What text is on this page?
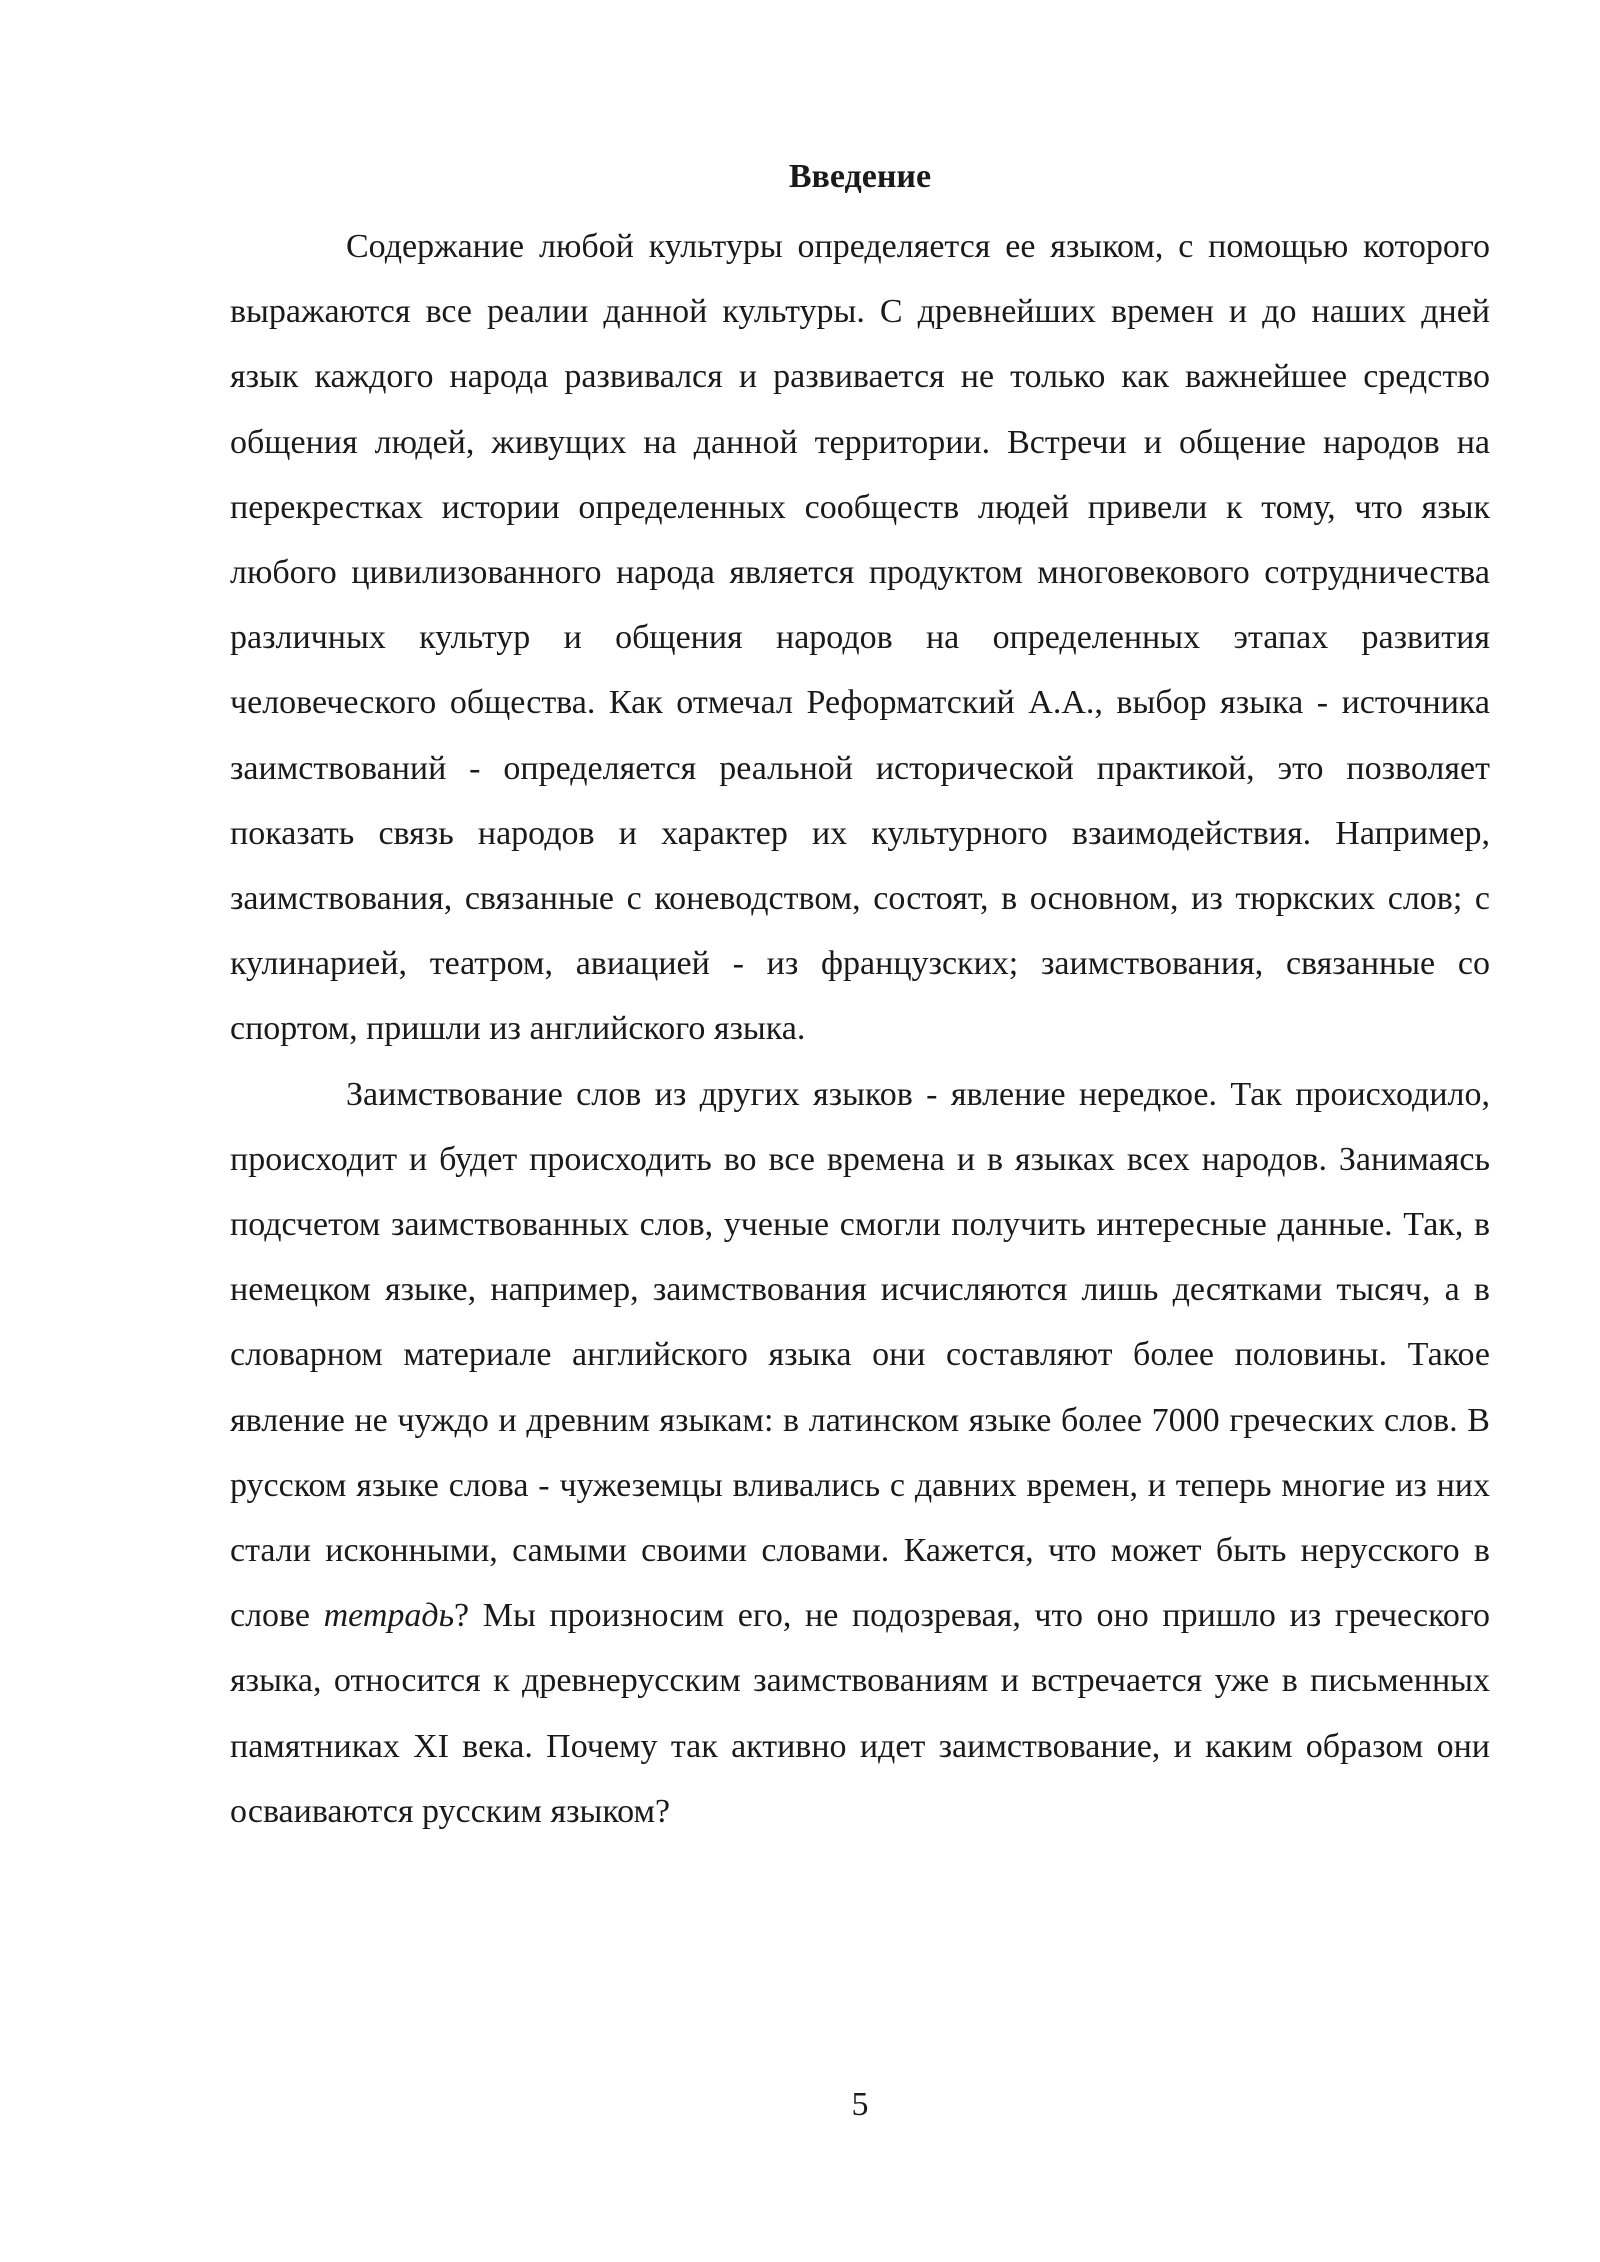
Введение

Содержание любой культуры определяется ее языком, с помощью которого выражаются все реалии данной культуры. С древнейших времен и до наших дней язык каждого народа развивался и развивается не только как важнейшее средство общения людей, живущих на данной территории. Встречи и общение народов на перекрестках истории определенных сообществ людей привели к тому, что язык любого цивилизованного народа является продуктом многовекового сотрудничества различных культур и общения народов на определенных этапах развития человеческого общества. Как отмечал Реформатский А.А., выбор языка - источника заимствований - определяется реальной исторической практикой, это позволяет показать связь народов и характер их культурного взаимодействия. Например, заимствования, связанные с коневодством, состоят, в основном, из тюркских слов; с кулинарией, театром, авиацией - из французских; заимствования, связанные со спортом, пришли из английского языка.

Заимствование слов из других языков - явление нередкое. Так происходило, происходит и будет происходить во все времена и в языках всех народов. Занимаясь подсчетом заимствованных слов, ученые смогли получить интересные данные. Так, в немецком языке, например, заимствования исчисляются лишь десятками тысяч, а в словарном материале английского языка они составляют более половины. Такое явление не чуждо и древним языкам: в латинском языке более 7000 греческих слов. В русском языке слова - чужеземцы вливались с давних времен, и теперь многие из них стали исконными, самыми своими словами. Кажется, что может быть нерусского в слове тетрадь? Мы произносим его, не подозревая, что оно пришло из греческого языка, относится к древнерусским заимствованиям и встречается уже в письменных памятниках XI века. Почему так активно идет заимствование, и каким образом они осваиваются русским языком?

5
